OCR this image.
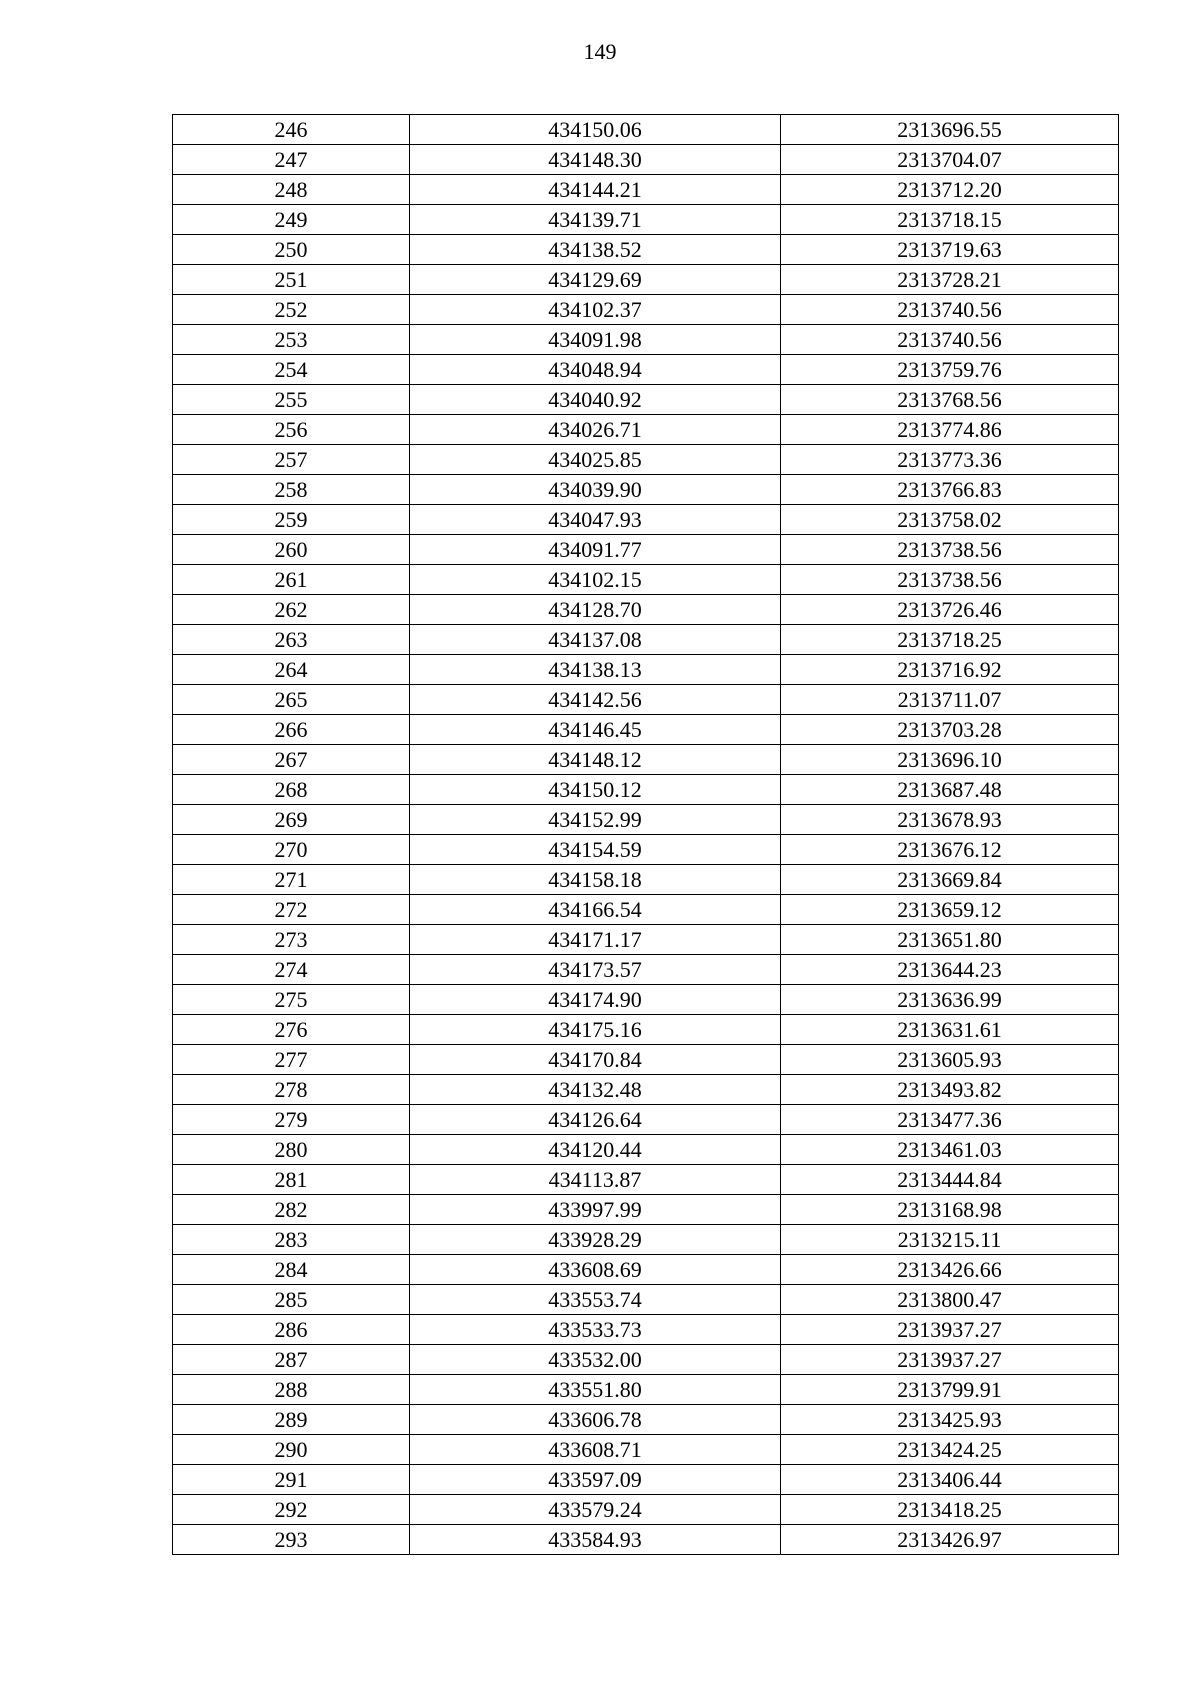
149
246	434150.06	2313696.55
247	434148.30	2313704.07
248	434144.21	2313712.20
249	434139.71	2313718.15
250	434138.52	2313719.63
251	434129.69	2313728.21
252	434102.37	2313740.56
253	434091.98	2313740.56
254	434048.94	2313759.76
255	434040.92	2313768.56
256	434026.71	2313774.86
257	434025.85	2313773.36
258	434039.90	2313766.83
259	434047.93	2313758.02
260	434091.77	2313738.56
261	434102.15	2313738.56
262	434128.70	2313726.46
263	434137.08	2313718.25
264	434138.13	2313716.92
265	434142.56	2313711.07
266	434146.45	2313703.28
267	434148.12	2313696.10
268	434150.12	2313687.48
269	434152.99	2313678.93
270	434154.59	2313676.12
271	434158.18	2313669.84
272	434166.54	2313659.12
273	434171.17	2313651.80
274	434173.57	2313644.23
275	434174.90	2313636.99
276	434175.16	2313631.61
277	434170.84	2313605.93
278	434132.48	2313493.82
279	434126.64	2313477.36
280	434120.44	2313461.03
281	434113.87	2313444.84
282	433997.99	2313168.98
283	433928.29	2313215.11
284	433608.69	2313426.66
285	433553.74	2313800.47
286	433533.73	2313937.27
287	433532.00	2313937.27
288	433551.80	2313799.91
289	433606.78	2313425.93
290	433608.71	2313424.25
291	433597.09	2313406.44
292	433579.24	2313418.25
293	433584.93	2313426.97
